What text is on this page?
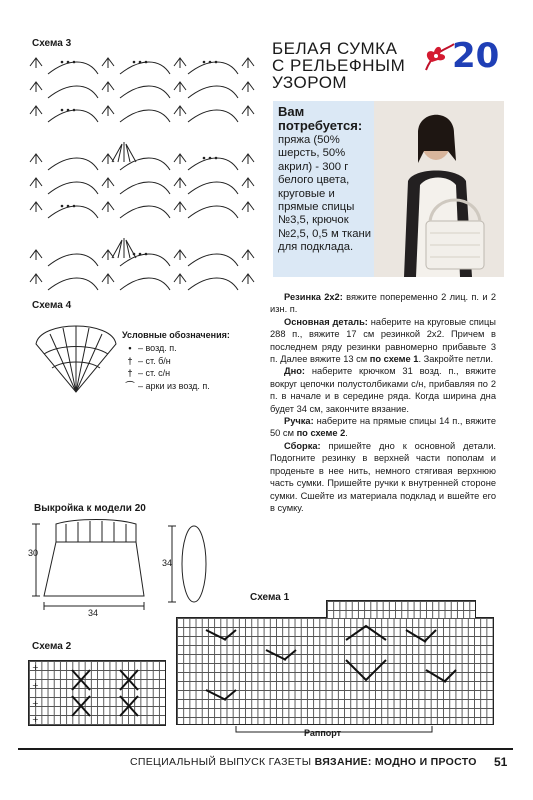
БЕЛАЯ СУМКА
С РЕЛЬЕФНЫМ
УЗОРОМ
20
Вам потребуется:
пряжа (50% шерсть, 50% акрил) - 300 г белого цвета, круговые и прямые спицы №3,5, крючок №2,5, 0,5 м ткани для подклада.
Схема 3
Схема 4
Условные обозначения:
• – возд. п.
† – ст. б/н
† – ст. с/н
⌒ – арки из возд. п.
Выкройка к модели 20
30
34
34
Схема 1
Раппорт
Схема 2
+
+
+
+

Резинка 2х2: вяжите попеременно 2 лиц. п. и 2 изн. п.

Основная деталь: наберите на круговые спицы 288 п., вяжите 17 см резинкой 2х2. Причем в последнем ряду резинки равномерно прибавьте 3 п. Далее вяжите 13 см по схеме 1. Закройте петли.

Дно: наберите крючком 31 возд. п., вяжите вокруг цепочки полустолбиками с/н, прибавляя по 2 п. в начале и в середине ряда. Когда ширина дна будет 34 см, закончите вязание.

Ручка: наберите на прямые спицы 14 п., вяжите 50 см по схеме 2.

Сборка: пришейте дно к основной детали. Подогните резинку в верхней части пополам и проденьте в нее нить, немного стягивая верхнюю часть сумки. Пришейте ручки к внутренней стороне сумки. Сшейте из материала подклад и вшейте его в сумку.

СПЕЦИАЛЬНЫЙ ВЫПУСК ГАЗЕТЫ ВЯЗАНИЕ: МОДНО И ПРОСТО 51
